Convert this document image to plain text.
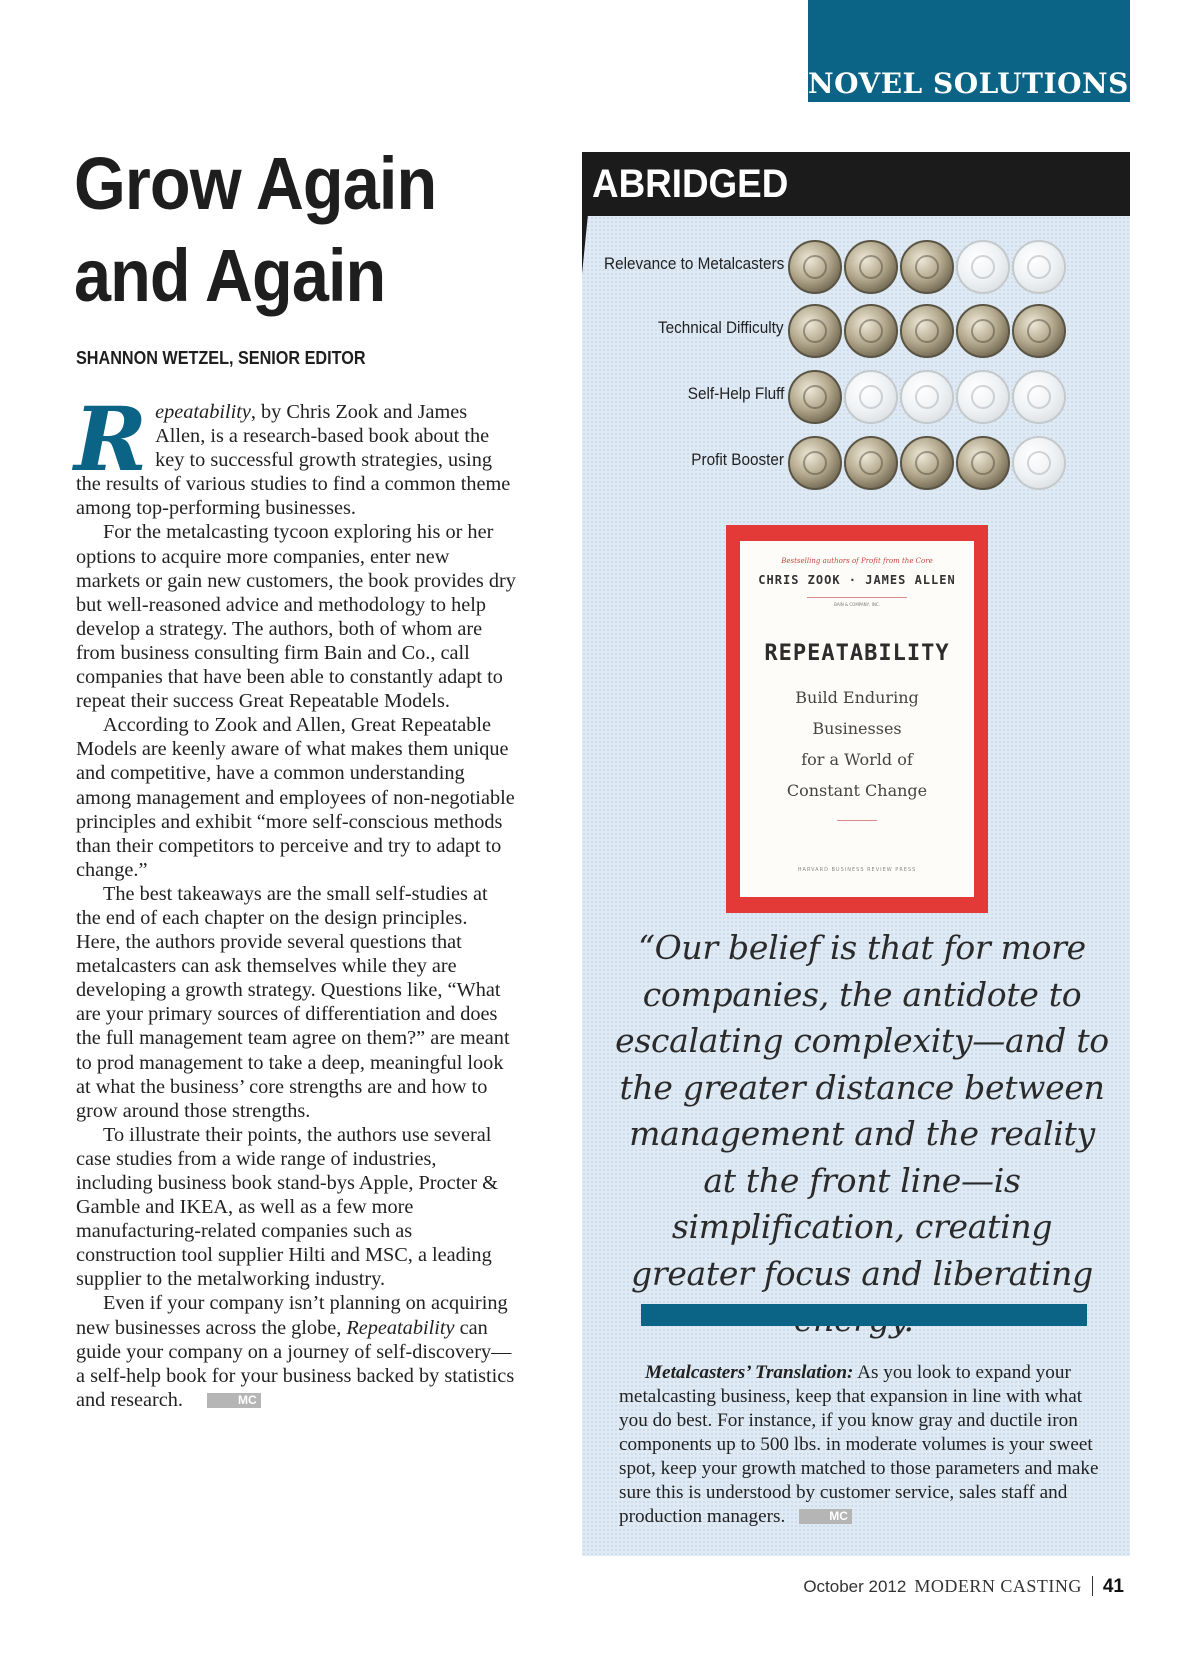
NOVEL SOLUTIONS
Grow Again
and Again
SHANNON WETZEL, SENIOR EDITOR

Repeatability, by Chris Zook and James Allen, is a research-based book about the key to successful growth strategies, using the results of various studies to find a common theme among top-performing businesses.

For the metalcasting tycoon exploring his or her options to acquire more companies, enter new markets or gain new customers, the book provides dry but well-reasoned advice and methodology to help develop a strategy. The authors, both of whom are from business consulting firm Bain and Co., call companies that have been able to constantly adapt to repeat their success Great Repeatable Models.

According to Zook and Allen, Great Repeatable Models are keenly aware of what makes them unique and competitive, have a common understanding among management and employees of non-negotiable principles and exhibit “more self-conscious methods than their competitors to perceive and try to adapt to change.”

The best takeaways are the small self-studies at the end of each chapter on the design principles. Here, the authors provide several questions that metalcasters can ask themselves while they are developing a growth strategy. Questions like, “What are your primary sources of differentiation and does the full management team agree on them?” are meant to prod management to take a deep, meaningful look at what the business’ core strengths are and how to grow around those strengths.

To illustrate their points, the authors use several case studies from a wide range of industries, including business book stand-bys Apple, Procter & Gamble and IKEA, as well as a few more manufacturing-related companies such as construction tool supplier Hilti and MSC, a leading supplier to the metalworking industry.

Even if your company isn’t planning on acquiring new businesses across the globe, Repeatability can guide your company on a journey of self-discovery—a self-help book for your business backed by statistics and research.	MC

ABRIDGED
Relevance to Metalcasters
Technical Difficulty
Self-Help Fluff
Profit Booster
Bestselling authors of Profit from the Core
CHRIS ZOOK · JAMES ALLEN
BAIN & COMPANY, INC.
REPEATABILITY
Build Enduring
Businesses
for a World of
Constant Change
HARVARD BUSINESS REVIEW PRESS
“Our belief is that for more companies, the antidote to escalating complexity—and to the greater distance between management and the reality at the front line—is simplification, creating greater focus and liberating

Metalcasters’ Translation: As you look to expand your metalcasting business, keep that expansion in line with what you do best. For instance, if you know gray and ductile iron components up to 500 lbs. in moderate volumes is your sweet spot, keep your growth matched to those parameters and make sure this is understood by customer service, sales staff and production managers.	MC

October 2012 MODERN CASTING 41
